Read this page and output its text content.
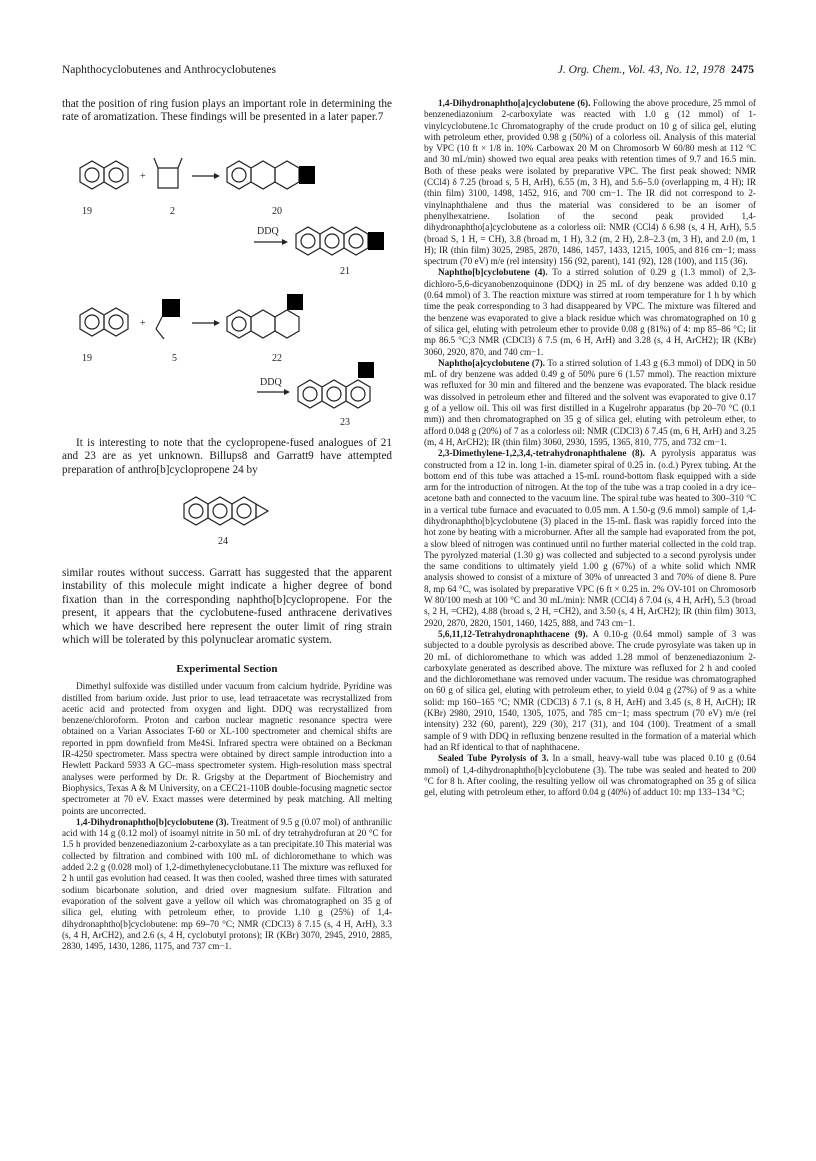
Naphthocyclobutenes and Anthrocyclobutenes	J. Org. Chem., Vol. 43, No. 12, 1978 2475

that the position of ring fusion plays an important role in determining the rate of aromatization. These findings will be presented in a later paper.7

+
19	2	20
DDQ
21
+
19	5	22
DDQ
23

It is interesting to note that the cyclopropene-fused analogues of 21 and 23 are as yet unknown. Billups8 and Garratt9 have attempted preparation of anthro[b]cyclopropene 24 by

24

similar routes without success. Garratt has suggested that the apparent instability of this molecule might indicate a higher degree of bond fixation than in the corresponding naphtho[b]cyclopropene. For the present, it appears that the cyclobutene-fused anthracene derivatives which we have described here represent the outer limit of ring strain which will be tolerated by this polynuclear aromatic system.

Experimental Section

Dimethyl sulfoxide was distilled under vacuum from calcium hydride. Pyridine was distilled from barium oxide. Just prior to use, lead tetraacetate was recrystallized from acetic acid and protected from oxygen and light. DDQ was recrystallized from benzene/chloroform. Proton and carbon nuclear magnetic resonance spectra were obtained on a Varian Associates T-60 or XL-100 spectrometer and chemical shifts are reported in ppm downfield from Me4Si. Infrared spectra were obtained on a Beckman IR-4250 spectrometer. Mass spectra were obtained by direct sample introduction into a Hewlett Packard 5933 A GC–mass spectrometer system. High-resolution mass spectral analyses were performed by Dr. R. Grigsby at the Department of Biochemistry and Biophysics, Texas A & M University, on a CEC21-110B double-focusing magnetic sector spectrometer at 70 eV. Exact masses were determined by peak matching. All melting points are uncorrected.

1,4-Dihydronaphtho[b]cyclobutene (3). Treatment of 9.5 g (0.07 mol) of anthranilic acid with 14 g (0.12 mol) of isoamyl nitrite in 50 mL of dry tetrahydrofuran at 20 °C for 1.5 h provided benzenediazonium 2-carboxylate as a tan precipitate.10 This material was collected by filtration and combined with 100 mL of dichloromethane to which was added 2.2 g (0.028 mol) of 1,2-dimethylenecyclobutane.11 The mixture was refluxed for 2 h until gas evolution had ceased. It was then cooled, washed three times with saturated sodium bicarbonate solution, and dried over magnesium sulfate. Filtration and evaporation of the solvent gave a yellow oil which was chromatographed on 35 g of silica gel, eluting with petroleum ether, to provide 1.10 g (25%) of 1,4-dihydronaphtho[b]cyclobutene: mp 69–70 °C; NMR (CDCl3) δ 7.15 (s, 4 H, ArH), 3.3 (s, 4 H, ArCH2), and 2.6 (s, 4 H, cyclobutyl protons); IR (KBr) 3070, 2945, 2910, 2885, 2830, 1495, 1430, 1286, 1175, and 737 cm−1.

1,4-Dihydronaphtho[a]cyclobutene (6). Following the above procedure, 25 mmol of benzenediazonium 2-carboxylate was reacted with 1.0 g (12 mmol) of 1-vinylcyclobutene.1c Chromatography of the crude product on 10 g of silica gel, eluting with petroleum ether, provided 0.98 g (50%) of a colorless oil. Analysis of this material by VPC (10 ft × 1/8 in. 10% Carbowax 20 M on Chromosorb W 60/80 mesh at 112 °C and 30 mL/min) showed two equal area peaks with retention times of 9.7 and 16.5 min. Both of these peaks were isolated by preparative VPC. The first peak showed: NMR (CCl4) δ 7.25 (broad s, 5 H, ArH), 6.55 (m, 3 H), and 5.6–5.0 (overlapping m, 4 H); IR (thin film) 3100, 1498, 1452, 916, and 700 cm−1. The IR did not correspond to 2-vinylnaphthalene and thus the material was considered to be an isomer of phenylhexatriene. Isolation of the second peak provided 1,4-dihydronaphtho[a]cyclobutene as a colorless oil: NMR (CCl4) δ 6.98 (s, 4 H, ArH), 5.5 (broad S, 1 H, = CH), 3.8 (broad m, 1 H), 3.2 (m, 2 H), 2.8–2.3 (m, 3 H), and 2.0 (m, 1 H); IR (thin film) 3025, 2985, 2870, 1486, 1457, 1433, 1215, 1005, and 816 cm−1; mass spectrum (70 eV) m/e (rel intensity) 156 (92, parent), 141 (92), 128 (100), and 115 (36).

Naphtho[b]cyclobutene (4). To a stirred solution of 0.29 g (1.3 mmol) of 2,3-dichloro-5,6-dicyanobenzoquinone (DDQ) in 25 mL of dry benzene was added 0.10 g (0.64 mmol) of 3. The reaction mixture was stirred at room temperature for 1 h by which time the peak corresponding to 3 had disappeared by VPC. The mixture was filtered and the benzene was evaporated to give a black residue which was chromatographed on 10 g of silica gel, eluting with petroleum ether to provide 0.08 g (81%) of 4: mp 85–86 °C; lit mp 86.5 °C;3 NMR (CDCl3) δ 7.5 (m, 6 H, ArH) and 3.28 (s, 4 H, ArCH2); IR (KBr) 3060, 2920, 870, and 740 cm−1.

Naphtho[a]cyclobutene (7). To a stirred solution of 1.43 g (6.3 mmol) of DDQ in 50 mL of dry benzene was added 0.49 g of 50% pure 6 (1.57 mmol). The reaction mixture was refluxed for 30 min and filtered and the benzene was evaporated. The black residue was dissolved in petroleum ether and filtered and the solvent was evaporated to give 0.17 g of a yellow oil. This oil was first distilled in a Kugelrohr apparatus (bp 20–70 °C (0.1 mm)) and then chromatographed on 35 g of silica gel, eluting with petroleum ether, to afford 0.048 g (20%) of 7 as a colorless oil: NMR (CDCl3) δ 7.45 (m, 6 H, ArH) and 3.25 (m, 4 H, ArCH2); IR (thin film) 3060, 2930, 1595, 1365, 810, 775, and 732 cm−1.

2,3-Dimethylene-1,2,3,4,-tetrahydronaphthalene (8). A pyrolysis apparatus was constructed from a 12 in. long 1-in. diameter spiral of 0.25 in. (o.d.) Pyrex tubing. At the bottom end of this tube was attached a 15-mL round-bottom flask equipped with a side arm for the introduction of nitrogen. At the top of the tube was a trap cooled in a dry ice–acetone bath and connected to the vacuum line. The spiral tube was heated to 300–310 °C in a vertical tube furnace and evacuated to 0.05 mm. A 1.50-g (9.6 mmol) sample of 1,4-dihydronaphtho[b]cyclobutene (3) placed in the 15-mL flask was rapidly forced into the hot zone by heating with a microburner. After all the sample had evaporated from the pot, a slow bleed of nitrogen was continued until no further material collected in the cold trap. The pyrolyzed material (1.30 g) was collected and subjected to a second pyrolysis under the same conditions to ultimately yield 1.00 g (67%) of a white solid which NMR analysis showed to consist of a mixture of 30% of unreacted 3 and 70% of diene 8. Pure 8, mp 64 °C, was isolated by preparative VPC (6 ft × 0.25 in. 2% OV-101 on Chromosorb W 80/100 mesh at 100 °C and 30 mL/min): NMR (CCl4) δ 7.04 (s, 4 H, ArH), 5.3 (broad s, 2 H, =CH2), 4.88 (broad s, 2 H, =CH2), and 3.50 (s, 4 H, ArCH2); IR (thin film) 3013, 2920, 2870, 2820, 1501, 1460, 1425, 888, and 743 cm−1.

5,6,11,12-Tetrahydronaphthacene (9). A 0.10-g (0.64 mmol) sample of 3 was subjected to a double pyrolysis as described above. The crude pyrosylate was taken up in 20 mL of dichloromethane to which was added 1.28 mmol of benzenediazonium 2-carboxylate generated as described above. The mixture was refluxed for 2 h and cooled and the dichloromethane was removed under vacuum. The residue was chromatographed on 60 g of silica gel, eluting with petroleum ether, to yield 0.04 g (27%) of 9 as a white solid: mp 160–165 °C; NMR (CDCl3) δ 7.1 (s, 8 H, ArH) and 3.45 (s, 8 H, ArCH); IR (KBr) 2980, 2910, 1540, 1305, 1075, and 785 cm−1; mass spectrum (70 eV) m/e (rel intensity) 232 (60, parent), 229 (30), 217 (31), and 104 (100). Treatment of a small sample of 9 with DDQ in refluxing benzene resulted in the formation of a material which had an Rf identical to that of naphthacene.

Sealed Tube Pyrolysis of 3. In a small, heavy-wall tube was placed 0.10 g (0.64 mmol) of 1,4-dihydronaphtho[b]cyclobutene (3). The tube was sealed and heated to 200 °C for 8 h. After cooling, the resulting yellow oil was chromatographed on 35 g of silica gel, eluting with petroleum ether, to afford 0.04 g (40%) of adduct 10: mp 133–134 °C;
